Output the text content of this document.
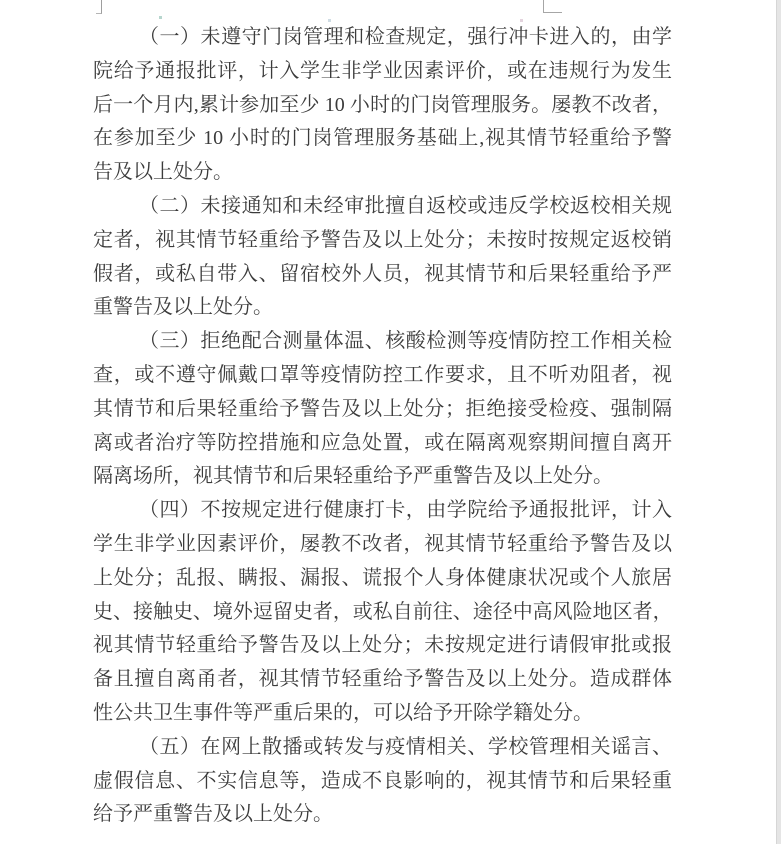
（一）未遵守门岗管理和检查规定，强行冲卡进入的，由学
院给予通报批评，计入学生非学业因素评价，或在违规行为发生
后一个月内,累计参加至少 10 小时的门岗管理服务。屡教不改者，
在参加至少 10 小时的门岗管理服务基础上,视其情节轻重给予警
告及以上处分。
（二）未接通知和未经审批擅自返校或违反学校返校相关规
定者，视其情节轻重给予警告及以上处分；未按时按规定返校销
假者，或私自带入、留宿校外人员，视其情节和后果轻重给予严
重警告及以上处分。
（三）拒绝配合测量体温、核酸检测等疫情防控工作相关检
查，或不遵守佩戴口罩等疫情防控工作要求，且不听劝阻者，视
其情节和后果轻重给予警告及以上处分；拒绝接受检疫、强制隔
离或者治疗等防控措施和应急处置，或在隔离观察期间擅自离开
隔离场所，视其情节和后果轻重给予严重警告及以上处分。
（四）不按规定进行健康打卡，由学院给予通报批评，计入
学生非学业因素评价，屡教不改者，视其情节轻重给予警告及以
上处分；乱报、瞒报、漏报、谎报个人身体健康状况或个人旅居
史、接触史、境外逗留史者，或私自前往、途径中高风险地区者，
视其情节轻重给予警告及以上处分；未按规定进行请假审批或报
备且擅自离甬者，视其情节轻重给予警告及以上处分。造成群体
性公共卫生事件等严重后果的，可以给予开除学籍处分。
（五）在网上散播或转发与疫情相关、学校管理相关谣言、
虚假信息、不实信息等，造成不良影响的，视其情节和后果轻重
给予严重警告及以上处分。
